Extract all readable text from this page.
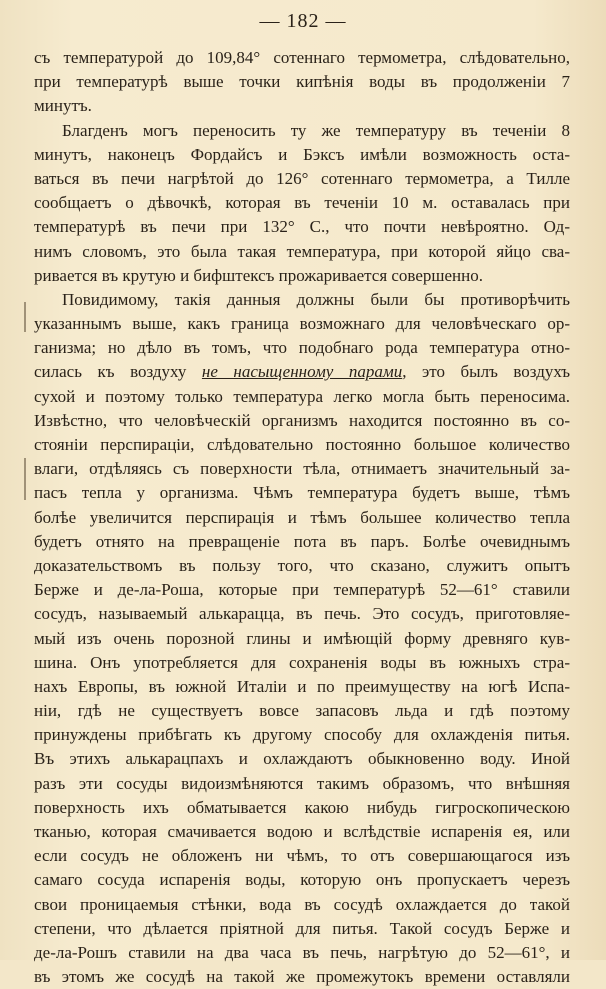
— 182 —
съ температурой до 109,84° сотеннаго термометра, слѣдовательно,
при температурѣ выше точки кипѣнія воды въ продолженіи 7
минутъ.
Благденъ могъ переносить ту же температуру въ теченіи 8
минутъ, наконецъ Фордайсъ и Бэксъ имѣли возможность оста-
ваться въ печи нагрѣтой до 126° сотеннаго термометра, а Тилле
сообщаетъ о дѣвочкѣ, которая въ теченіи 10 м. оставалась при
температурѣ въ печи при 132° С., что почти невѣроятно. Од-
нимъ словомъ, это была такая температура, при которой яйцо сва-
ривается въ крутую и бифштексъ прожаривается совершенно.
Повидимому, такія данныя должны были бы противорѣчить
указаннымъ выше, какъ граница возможнаго для человѣческаго ор-
ганизма; но дѣло въ томъ, что подобнаго рода температура отно-
силась къ воздуху не насыщенному парами, это былъ воздухъ
сухой и поэтому только температура легко могла быть переносима.
Извѣстно, что человѣческій организмъ находится постоянно въ со-
стояніи перспираціи, слѣдовательно постоянно большое количество
влаги, отдѣляясь съ поверхности тѣла, отнимаетъ значительный за-
пасъ тепла у организма. Чѣмъ температура будетъ выше, тѣмъ
болѣе увеличится перспирація и тѣмъ большее количество тепла
будетъ отнято на превращеніе пота въ паръ. Болѣе очевиднымъ
доказательствомъ въ пользу того, что сказано, служитъ опытъ
Берже и де-ла-Роша, которые при температурѣ 52—61° ставили
сосудъ, называемый алькарацца, въ печь. Это сосудъ, приготовляе-
мый изъ очень порозной глины и имѣющій форму древняго кув-
шина. Онъ употребляется для сохраненія воды въ южныхъ стра-
нахъ Европы, въ южной Италіи и по преимуществу на югѣ Испа-
ніи, гдѣ не существуетъ вовсе запасовъ льда и гдѣ поэтому
принуждены прибѣгать къ другому способу для охлажденія питья.
Въ этихъ алькарацпахъ и охлаждаютъ обыкновенно воду. Иной
разъ эти сосуды видоизмѣняются такимъ образомъ, что внѣшняя
поверхность ихъ обматывается какою нибудь гигроскопическою
тканью, которая смачивается водою и вслѣдствіе испаренія ея, или
если сосудъ не обложенъ ни чѣмъ, то отъ совершающагося изъ
самаго сосуда испаренія воды, которую онъ пропускаетъ черезъ
свои проницаемыя стѣнки, вода въ сосудѣ охлаждается до такой
степени, что дѣлается пріятной для питья. Такой сосудъ Берже и
де-ла-Рошъ ставили на два часа въ печь, нагрѣтую до 52—61°, и
въ этомъ же сосудѣ на такой же промежутокъ времени оставляли
